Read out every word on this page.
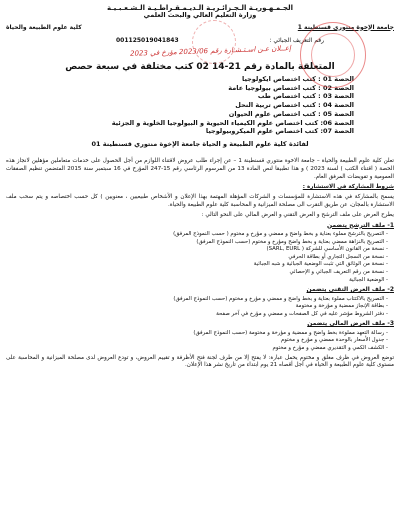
الجـمـهـوريـة الـجـزائـريـة الـديـمـقـراطـيـة الـشـعـبـيـة
وزارة التعليم العالي والبحث العلمي
جامعة الإخوة منتوري قسنطينة 1
كلية علوم الطبيعة والحياة
رقم التعريف الجبائي :
001125019041843
إعــلان عـن اسـتـشـارة رقم 2023/06 مؤرخ في 2023
المتعلقة بالمادة رقم 21-14 02 كتب مختلفة في سبعة حصص
الحصة 01 : كتب اختصاص ايكولوجيا
الحصة 02 : كتب اختصاص بيولوجيا عامة
الحصة 03 : كتب اختصاص طب
الحصة 04 : كتب اختصاص تربية النحل
الحصة 05 : كتب اختصاص علوم الحيوان
الحصة 06: كتب اختصاص علوم الكيمياء الحيوية و البيولوجيا الخلوية و الجزئية
الحصة 07: كتب اختصاص علوم الميكروبيولوجيا
لفائدة كلية علوم الطبيعة و الحياة جامعة الإخوة منتوري قسنطينة 01

تعلن كلية علوم الطبيعة والحياة – جامعة الاخوة منتوري قسنطينة 1 – عن إجراء طلب عروض لاقتناء اللوازم من أجل الحصول على خدمات متعاملين مؤهلين لانجاز هذه الحصة ( اقتناء الكتب ) لسنة 2023 ) و هذا تطبيقا لنص المادة 13 من المرسوم الرئاسي رقم 15-247 المؤرخ في 16 سبتمبر سنة 2015 المتضمن تنظيم الصفقات العمومية و تفويضات المرفق العام.

شروط المشاركة في الاستشارة :

يسمح بالمشاركة في هذه الاستشارة للمؤسسات و الشركات المؤهلة المهتمة بهذا الإعلان و الأشخاص طبيعيين ، معنويين ) كل حسب اختصاصه و يتم سحب ملف الاستشارة بالمجان، عن طريق التقرب الى مصلحة الميزانية و المحاسبة كلية علوم الطبيعة والحياة.

يطرح العرض على ملف الترشح و العرض التقني و العرض المالي على النحو التالي :

1- ملف الترشح يتضمن
- التصريح بالترشح مملوء بعناية و بخط واضح و ممضي و مؤرخ و مختوم ( حسب النموذج المرفق)
- التصريح بالنزاهة ممضي بعناية و بخط واضح ومؤرخ و مختوم (حسب النموذج المرفق)
- نسخة من القانون الأساسي للشركة ( SARL, EURL)
- نسخة من السجل التجاري أو بطاقة الحرفي
- نسخة من الوثائق التي تثبت الوضعية الجبائية و شبه الجبائية
- نسخة من رقم التعريف الجبائي و الإحصائي
- الوضعية الجبائية
2- ملف العرض التقني يتضمن
- التصريح بالاكتتاب مملوء بعناية و بخط واضح و ممضي و مؤرخ و مختوم (حسب النموذج المرفق)
- بطاقة الإنجاز ممضية و مؤرخة و مختومة
- دفتر الشروط مؤشر عليه في كل الصفحات و ممضي و مؤرخ في آخر صفحة
3- ملف العرض المالي يتضمن
- رسالة التعهد مملوءة بخط واضح و ممضية و مؤرخة و مختومة (حسب النموذج المرفق)
- جدول الأسعار بالوحدة ممضي و مؤرخ و مختوم
- الكشف الكمي و التقديري ممضي و مؤرخ و مختوم

توضع العروض في ظرف مغلق و مختوم يحمل عبارة: لا يفتح إلا من طرف لجنة فتح الأظرفة و تقييم العروض، و تودع العروض لدى مصلحة الميزانية و المحاسبة على مستوى كلية علوم الطبيعة و الحياة في أجل أقصاه 21 يوم ابتداء من تاريخ نشر هذا الإعلان.
